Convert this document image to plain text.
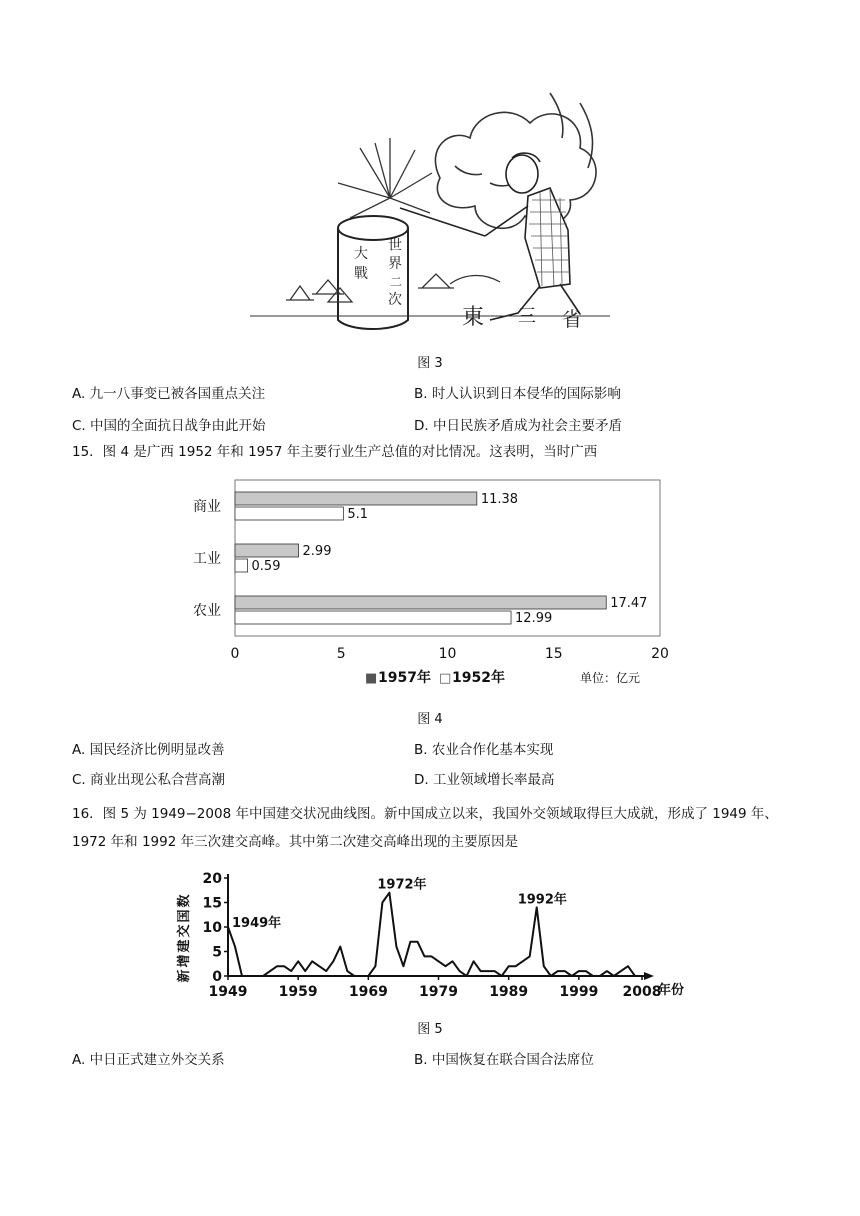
世
界
二
次
大
戰
東 三 省
图 3
A. 九一八事变已被各国重点关注	B. 时人认识到日本侵华的国际影响
C. 中国的全面抗日战争由此开始	D. 中日民族矛盾成为社会主要矛盾
15．图 4 是广西 1952 年和 1957 年主要行业生产总值的对比情况。这表明，当时广西
商业	11.38
5.1
工业	2.99
0.59
农业	17.47
12.99
0	5	10	15	20
■ 1957年 □ 1952年	单位：亿元
图 4
A. 国民经济比例明显改善	B. 农业合作化基本实现
C. 商业出现公私合营高潮	D. 工业领域增长率最高
16．图 5 为 1949−2008 年中国建交状况曲线图。新中国成立以来，我国外交领域取得巨大成就，形成了 1949 年、1972 年和 1992 年三次建交高峰。其中第二次建交高峰出现的主要原因是
新
增
建
交
国
数
0
5
10
15
20
1949 1959 1969 1979 1989 1999 2008
年份
1949年
1972年
1992年
图 5
A. 中日正式建立外交关系	B. 中国恢复在联合国合法席位
